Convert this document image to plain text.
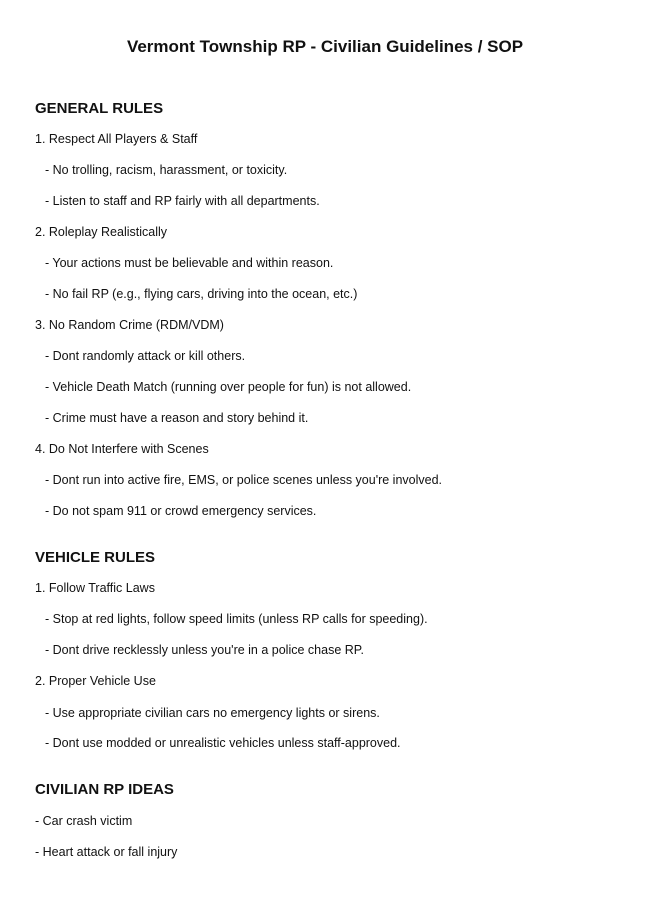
Vermont Township RP - Civilian Guidelines / SOP
GENERAL RULES
1. Respect All Players & Staff
- No trolling, racism, harassment, or toxicity.
- Listen to staff and RP fairly with all departments.
2. Roleplay Realistically
- Your actions must be believable and within reason.
- No fail RP (e.g., flying cars, driving into the ocean, etc.)
3. No Random Crime (RDM/VDM)
- Dont randomly attack or kill others.
- Vehicle Death Match (running over people for fun) is not allowed.
- Crime must have a reason and story behind it.
4. Do Not Interfere with Scenes
- Dont run into active fire, EMS, or police scenes unless you're involved.
- Do not spam 911 or crowd emergency services.
VEHICLE RULES
1. Follow Traffic Laws
- Stop at red lights, follow speed limits (unless RP calls for speeding).
- Dont drive recklessly unless you're in a police chase RP.
2. Proper Vehicle Use
- Use appropriate civilian cars no emergency lights or sirens.
- Dont use modded or unrealistic vehicles unless staff-approved.
CIVILIAN RP IDEAS
- Car crash victim
- Heart attack or fall injury
